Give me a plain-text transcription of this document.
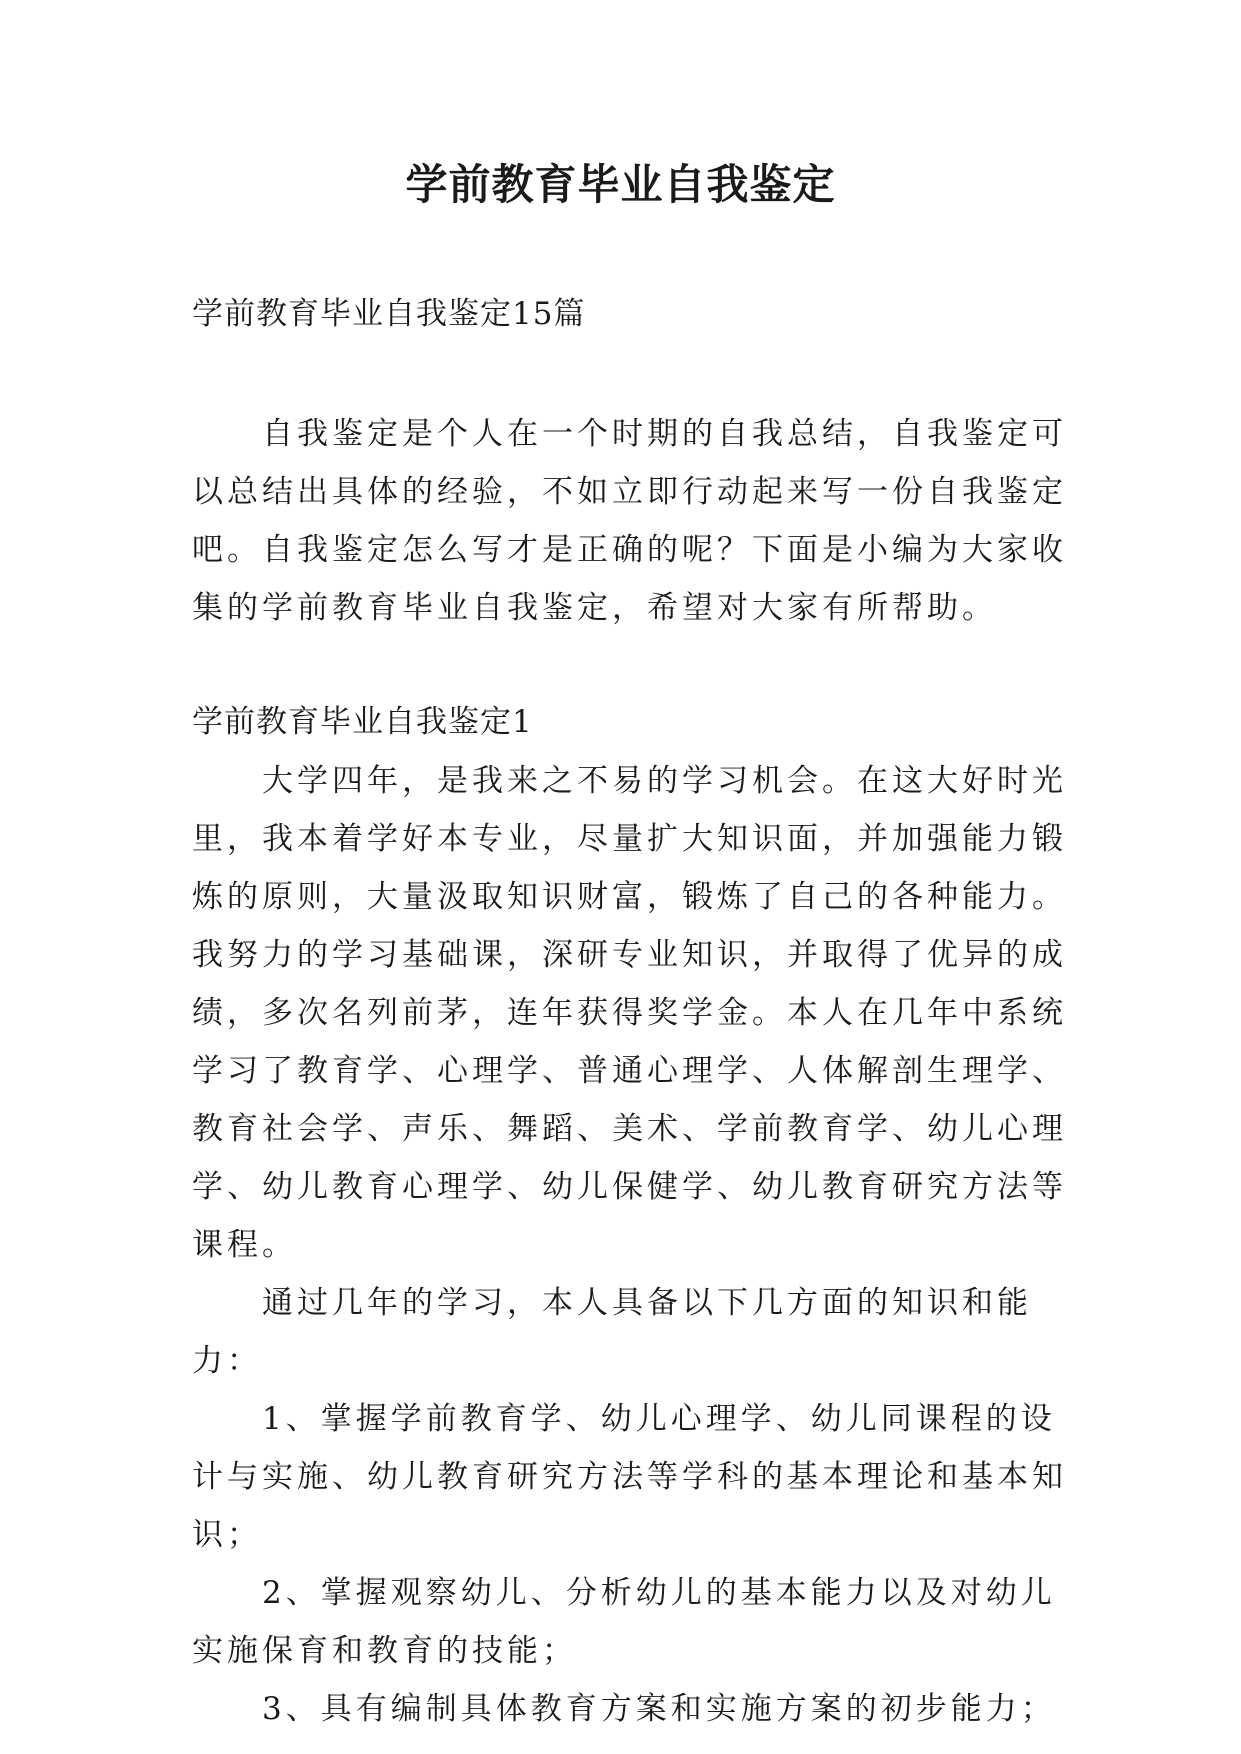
学前教育毕业自我鉴定

学前教育毕业自我鉴定15篇

　　自我鉴定是个人在一个时期的自我总结，自我鉴定可以总结出具体的经验，不如立即行动起来写一份自我鉴定吧。自我鉴定怎么写才是正确的呢？下面是小编为大家收集的学前教育毕业自我鉴定，希望对大家有所帮助。

学前教育毕业自我鉴定1

　　大学四年，是我来之不易的学习机会。在这大好时光里，我本着学好本专业，尽量扩大知识面，并加强能力锻炼的原则，大量汲取知识财富，锻炼了自己的各种能力。我努力的学习基础课，深研专业知识，并取得了优异的成绩，多次名列前茅，连年获得奖学金。本人在几年中系统学习了教育学、心理学、普通心理学、人体解剖生理学、教育社会学、声乐、舞蹈、美术、学前教育学、幼儿心理学、幼儿教育心理学、幼儿保健学、幼儿教育研究方法等课程。

　　通过几年的学习，本人具备以下几方面的知识和能力：

　　1、掌握学前教育学、幼儿心理学、幼儿同课程的设计与实施、幼儿教育研究方法等学科的基本理论和基本知识；

　　2、掌握观察幼儿、分析幼儿的基本能力以及对幼儿实施保育和教育的技能；

　　3、具有编制具体教育方案和实施方案的初步能力；
